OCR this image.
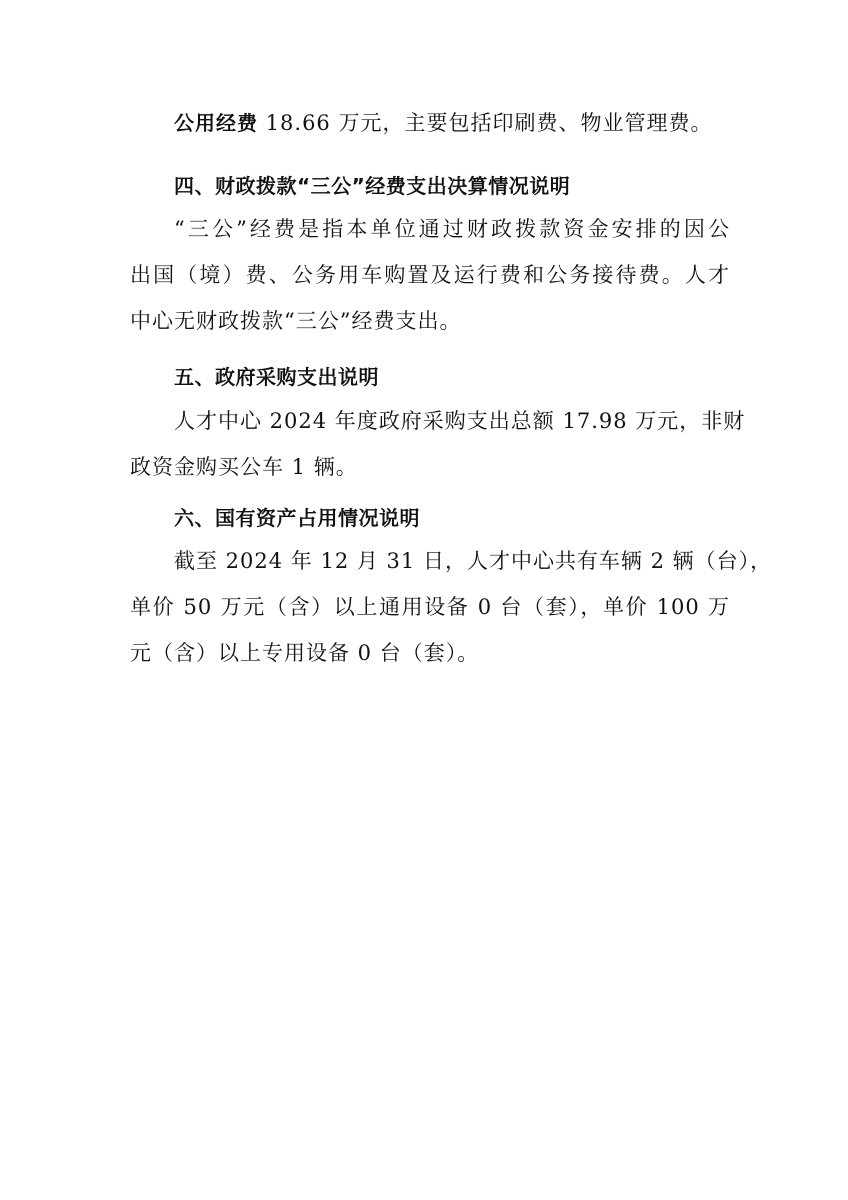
公用经费 18.66 万元，主要包括印刷费、物业管理费。
四、财政拨款“三公”经费支出决算情况说明
“三公”经费是指本单位通过财政拨款资金安排的因公
出国（境）费、公务用车购置及运行费和公务接待费。人才
中心无财政拨款“三公”经费支出。
五、政府采购支出说明
人才中心 2024 年度政府采购支出总额 17.98 万元，非财
政资金购买公车 1 辆。
六、国有资产占用情况说明
截至 2024 年 12 月 31 日，人才中心共有车辆 2 辆（台），
单价 50 万元（含）以上通用设备 0 台（套），单价 100 万
元（含）以上专用设备 0 台（套）。
